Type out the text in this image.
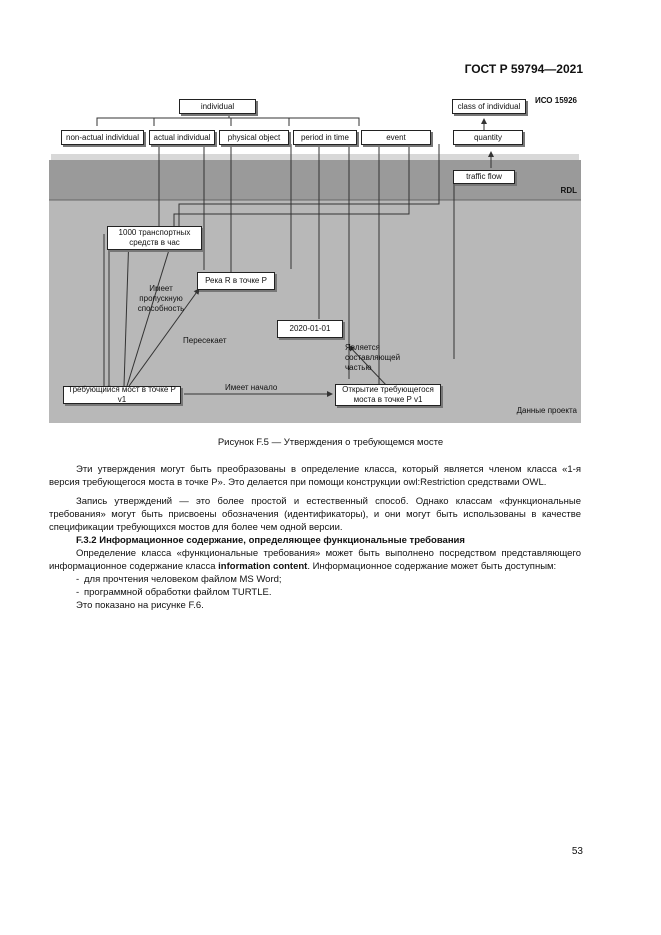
ГОСТ Р 59794—2021
ИСО 15926
RDL
Данные проекта
individual	class of individual
non-actual individual	actual individual	physical object	period in time	event	quantity
traffic flow
1000 транспортных средств в час
Река R в точке P
2020-01-01
Требующийся мост в точке P v1
Открытие требующегося моста в точке P v1
Имеет пропускную способность
Пересекает
Имеет начало
Является составляющей частью
Рисунок F.5 — Утверждения о требующемся мосте

Эти утверждения могут быть преобразованы в определение класса, который является членом класса «1-я версия требующегося моста в точке P». Это делается при помощи конструкции owl:Restriction средствами OWL.

Запись утверждений — это более простой и естественный способ. Однако классам «функциональные требования» могут быть присвоены обозначения (идентификаторы), и они могут быть использованы в качестве спецификации требующихся мостов для более чем одной версии.

F.3.2 Информационное содержание, определяющее функциональные требования

Определение класса «функциональные требования» может быть выполнено посредством представляющего информационное содержание класса information content. Информационное содержание может быть доступным:

- для прочтения человеком файлом MS Word;

- программной обработки файлом TURTLE.

Это показано на рисунке F.6.

53
